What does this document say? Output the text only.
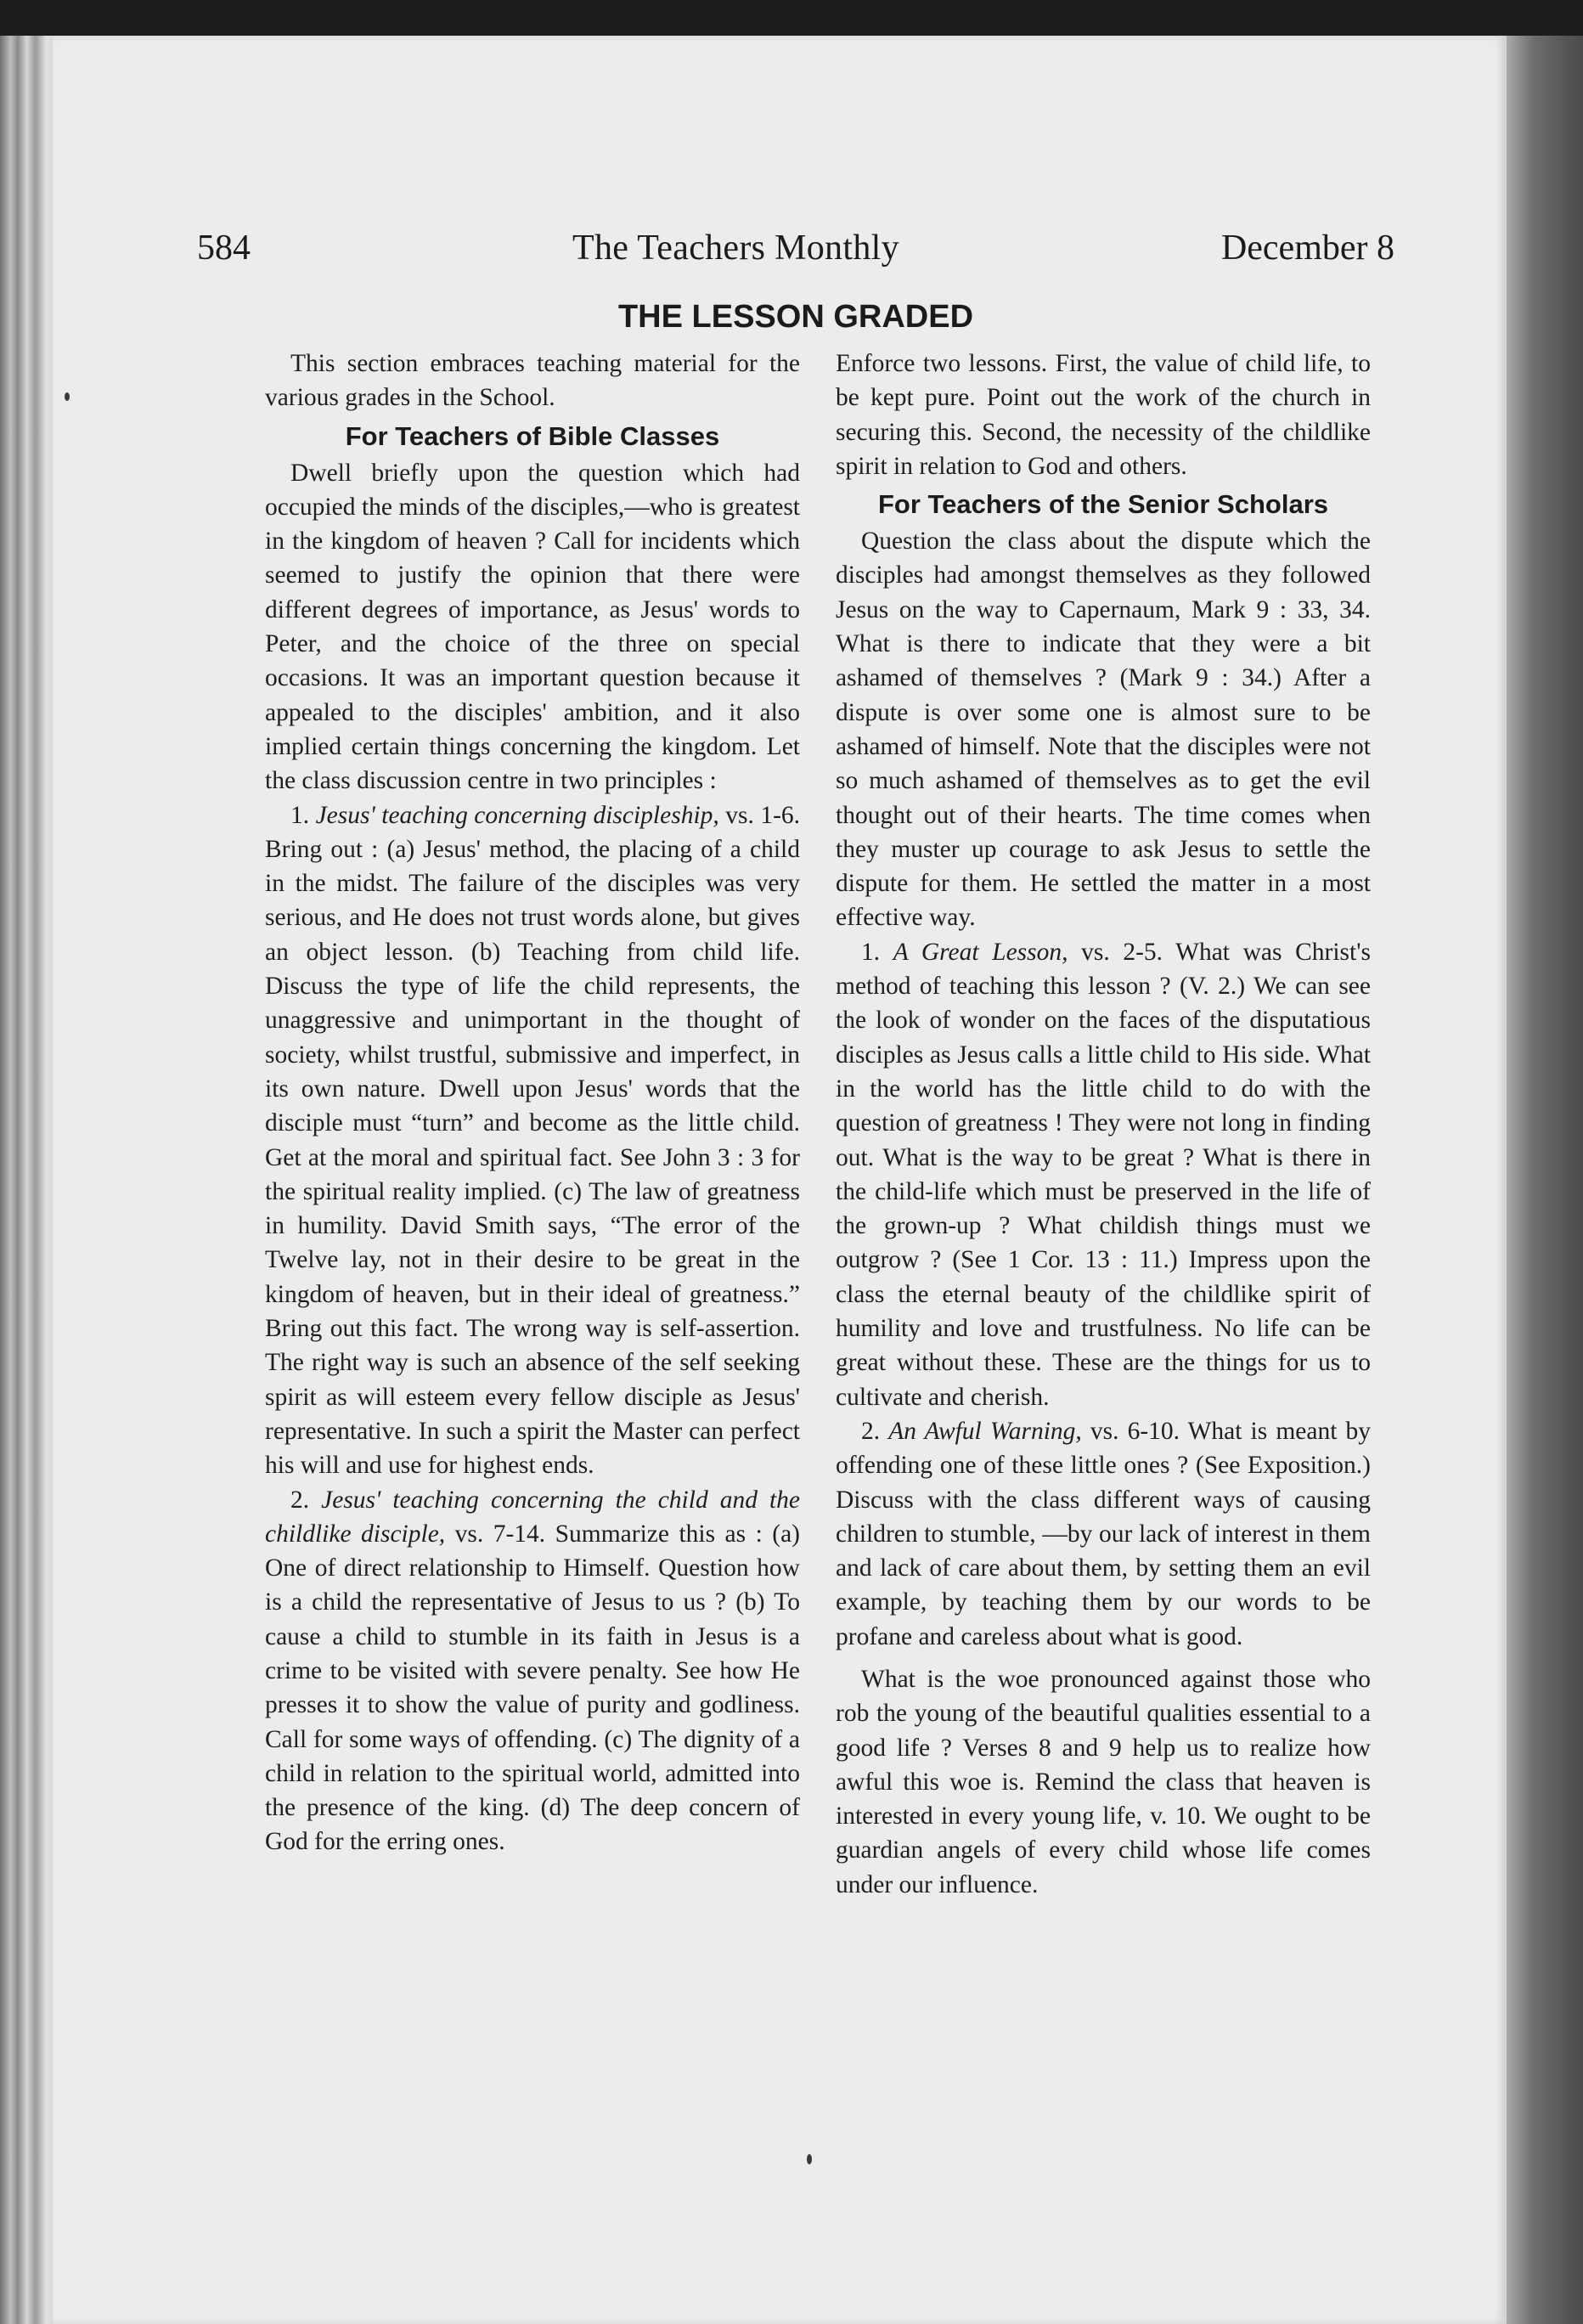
584	The Teachers Monthly	December 8
THE LESSON GRADED

This section embraces teaching material for the various grades in the School.

For Teachers of Bible Classes

Dwell briefly upon the question which had occupied the minds of the disciples,—who is greatest in the kingdom of heaven ? Call for incidents which seemed to justify the opinion that there were different degrees of importance, as Jesus' words to Peter, and the choice of the three on special occasions. It was an important question because it appealed to the disciples' ambition, and it also implied certain things concerning the kingdom. Let the class discussion centre in two principles :

1. Jesus' teaching concerning discipleship, vs. 1-6. Bring out : (a) Jesus' method, the placing of a child in the midst. The failure of the disciples was very serious, and He does not trust words alone, but gives an object lesson. (b) Teaching from child life. Discuss the type of life the child represents, the unaggressive and unimportant in the thought of society, whilst trustful, submissive and imperfect, in its own nature. Dwell upon Jesus' words that the disciple must “turn” and become as the little child. Get at the moral and spiritual fact. See John 3 : 3 for the spiritual reality implied. (c) The law of greatness in humility. David Smith says, “The error of the Twelve lay, not in their desire to be great in the kingdom of heaven, but in their ideal of greatness.” Bring out this fact. The wrong way is self-assertion. The right way is such an absence of the self seeking spirit as will esteem every fellow disciple as Jesus' representative. In such a spirit the Master can perfect his will and use for highest ends.

2. Jesus' teaching concerning the child and the childlike disciple, vs. 7-14. Summarize this as : (a) One of direct relationship to Himself. Question how is a child the representative of Jesus to us ? (b) To cause a child to stumble in its faith in Jesus is a crime to be visited with severe penalty. See how He presses it to show the value of purity and godliness. Call for some ways of offending. (c) The dignity of a child in relation to the spiritual world, admitted into the presence of the king. (d) The deep concern of God for the erring ones.

Enforce two lessons. First, the value of child life, to be kept pure. Point out the work of the church in securing this. Second, the necessity of the childlike spirit in relation to God and others.

For Teachers of the Senior Scholars

Question the class about the dispute which the disciples had amongst themselves as they followed Jesus on the way to Capernaum, Mark 9 : 33, 34. What is there to indicate that they were a bit ashamed of themselves ? (Mark 9 : 34.) After a dispute is over some one is almost sure to be ashamed of himself. Note that the disciples were not so much ashamed of themselves as to get the evil thought out of their hearts. The time comes when they muster up courage to ask Jesus to settle the dispute for them. He settled the matter in a most effective way.

1. A Great Lesson, vs. 2-5. What was Christ's method of teaching this lesson ? (V. 2.) We can see the look of wonder on the faces of the disputatious disciples as Jesus calls a little child to His side. What in the world has the little child to do with the question of greatness ! They were not long in finding out. What is the way to be great ? What is there in the child-life which must be preserved in the life of the grown-up ? What childish things must we outgrow ? (See 1 Cor. 13 : 11.) Impress upon the class the eternal beauty of the childlike spirit of humility and love and trustfulness. No life can be great without these. These are the things for us to cultivate and cherish.

2. An Awful Warning, vs. 6-10. What is meant by offending one of these little ones ? (See Exposition.) Discuss with the class different ways of causing children to stumble, —by our lack of interest in them and lack of care about them, by setting them an evil example, by teaching them by our words to be profane and careless about what is good.

What is the woe pronounced against those who rob the young of the beautiful qualities essential to a good life ? Verses 8 and 9 help us to realize how awful this woe is. Remind the class that heaven is interested in every young life, v. 10. We ought to be guardian angels of every child whose life comes under our influence.
